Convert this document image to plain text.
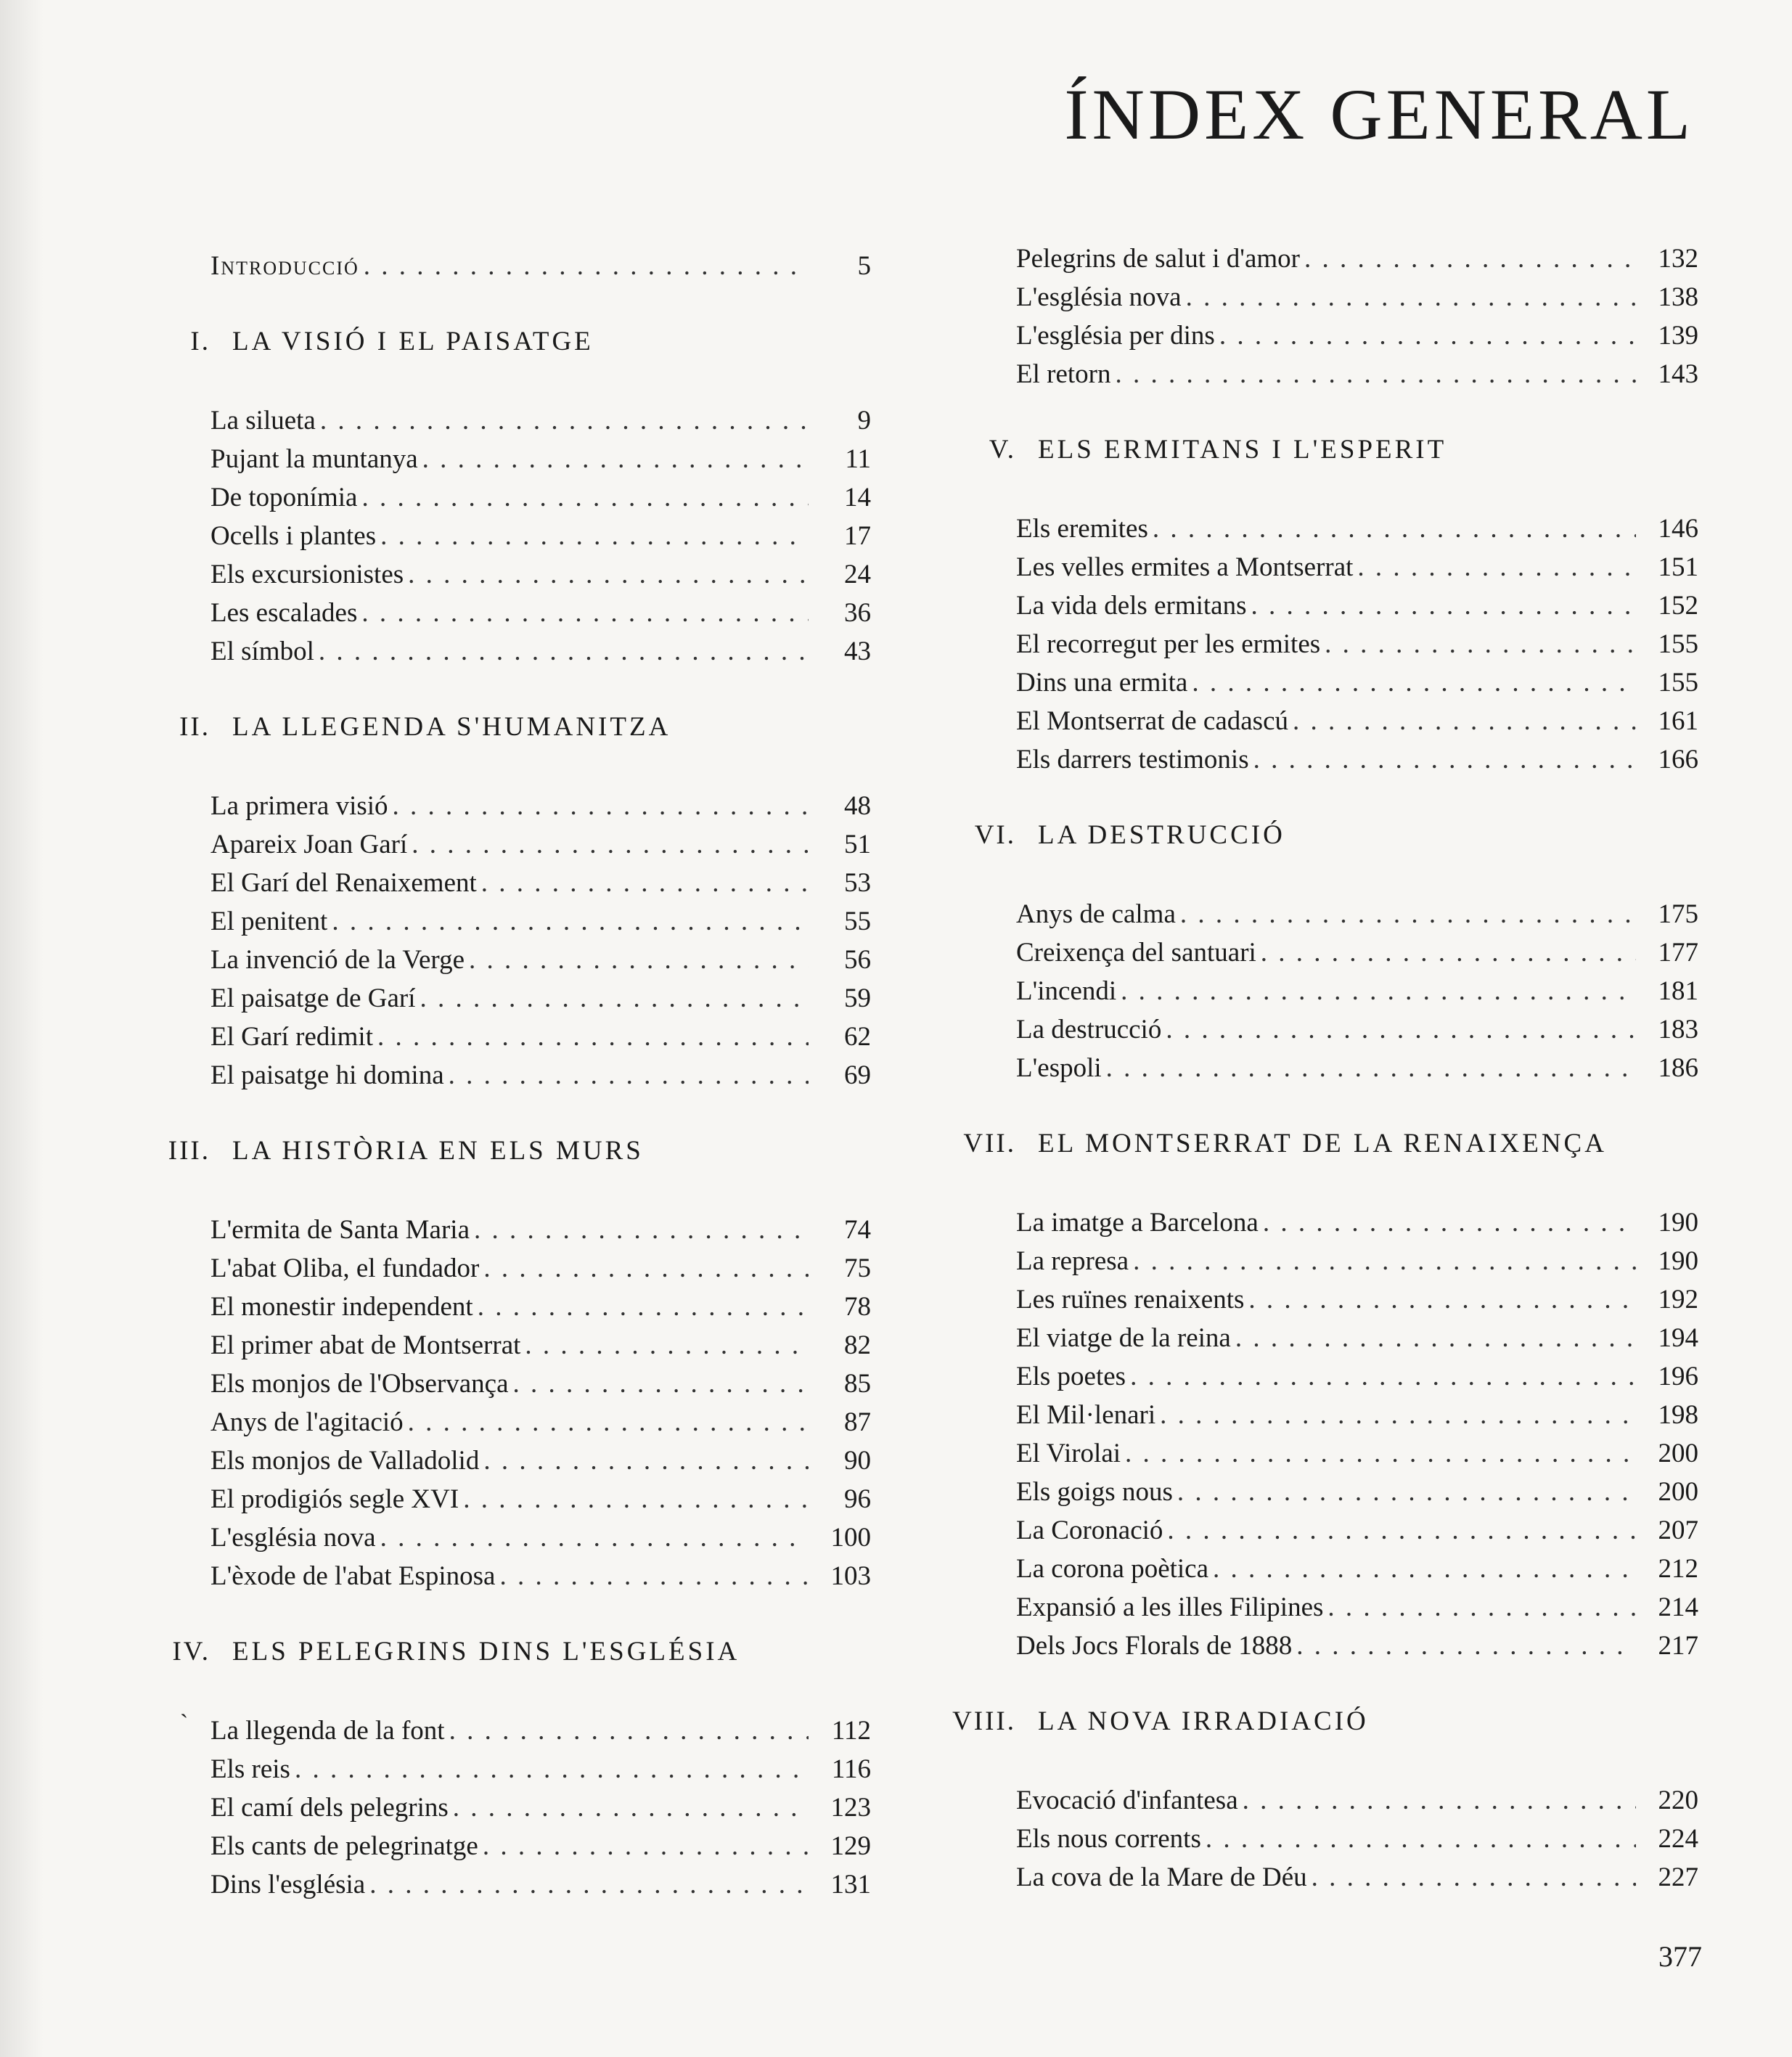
ÍNDEX GENERAL
Introducció . . .	5
I. LA VISIÓ I EL PAISATGE
La silueta . . .	9
Pujant la muntanya . . .	11
De toponímia . . .	14
Ocells i plantes . . .	17
Els excursionistes . . .	24
Les escalades . . .	36
El símbol . . .	43
II. LA LLEGENDA S'HUMANITZA
La primera visió . . .	48
Apareix Joan Garí . . .	51
El Garí del Renaixement . . .	53
El penitent . . .	55
La invenció de la Verge . . .	56
El paisatge de Garí . . .	59
El Garí redimit . . .	62
El paisatge hi domina . . .	69
III. LA HISTÒRIA EN ELS MURS
L'ermita de Santa Maria . . .	74
L'abat Oliba, el fundador . . .	75
El monestir independent . . .	78
El primer abat de Montserrat . . .	82
Els monjos de l'Observança . . .	85
Anys de l'agitació . . .	87
Els monjos de Valladolid . . .	90
El prodigiós segle XVI . . .	96
L'església nova . . .	100
L'èxode de l'abat Espinosa . . .	103
IV. ELS PELEGRINS DINS L'ESGLÉSIA
` La llegenda de la font . . .	112
Els reis . . .	116
El camí dels pelegrins . . .	123
Els cants de pelegrinatge . . .	129
Dins l'església . . .	131
Pelegrins de salut i d'amor . . .	132
L'església nova . . .	138
L'església per dins . . .	139
El retorn . . .	143
V. ELS ERMITANS I L'ESPERIT
Els eremites . . .	146
Les velles ermites a Montserrat . . .	151
La vida dels ermitans . . .	152
El recorregut per les ermites . . .	155
Dins una ermita . . .	155
El Montserrat de cadascú . . .	161
Els darrers testimonis . . .	166
VI. LA DESTRUCCIÓ
Anys de calma . . .	175
Creixença del santuari . . .	177
L'incendi . . .	181
La destrucció . . .	183
L'espoli . . .	186
VII. EL MONTSERRAT DE LA RENAIXENÇA
La imatge a Barcelona . . .	190
La represa . . .	190
Les ruïnes renaixents . . .	192
El viatge de la reina . . .	194
Els poetes . . .	196
El Mil·lenari . . .	198
El Virolai . . .	200
Els goigs nous . . .	200
La Coronació . . .	207
La corona poètica . . .	212
Expansió a les illes Filipines . . .	214
Dels Jocs Florals de 1888 . . .	217
VIII. LA NOVA IRRADIACIÓ
Evocació d'infantesa . . .	220
Els nous corrents . . .	224
La cova de la Mare de Déu . . .	227
377
